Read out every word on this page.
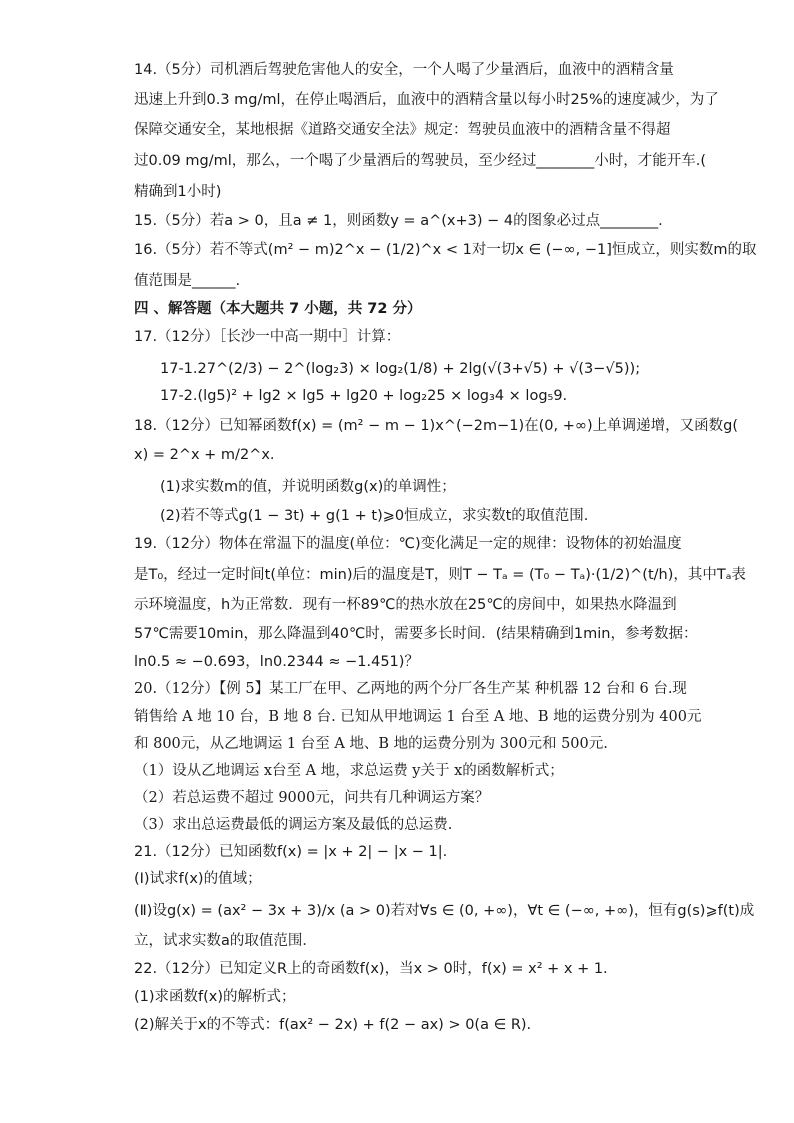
14.（5分）司机酒后驾驶危害他人的安全，一个人喝了少量酒后，血液中的酒精含量
迅速上升到0.3 mg/ml，在停止喝酒后，血液中的酒精含量以每小时25%的速度减少，为了
保障交通安全，某地根据《道路交通安全法》规定：驾驶员血液中的酒精含量不得超
过0.09 mg/ml，那么，一个喝了少量酒后的驾驶员，至少经过________小时，才能开车.(
精确到1小时)
15.（5分）若a > 0，且a ≠ 1，则函数y = a^(x+3) − 4的图象必过点________.
16.（5分）若不等式(m² − m)2^x − (1/2)^x < 1对一切x ∈ (−∞, −1]恒成立，则实数m的取
值范围是______.
四 、解答题（本大题共 7 小题，共 72 分）
17.（12分）［长沙一中高一期中］计算：
17-1.27^(2/3) − 2^(log₂3) × log₂(1/8) + 2lg(√(3+√5) + √(3−√5));
17-2.(lg5)² + lg2 × lg5 + lg20 + log₂25 × log₃4 × log₅9.
18.（12分）已知幂函数f(x) = (m² − m − 1)x^(−2m−1)在(0, +∞)上单调递增，又函数g(
x) = 2^x + m/2^x.
(1)求实数m的值，并说明函数g(x)的单调性；
(2)若不等式g(1 − 3t) + g(1 + t)⩾0恒成立，求实数t的取值范围.
19.（12分）物体在常温下的温度(单位：℃)变化满足一定的规律：设物体的初始温度
是T₀，经过一定时间t(单位：min)后的温度是T，则T − Tₐ = (T₀ − Tₐ)·(1/2)^(t/h)，其中Tₐ表
示环境温度，h为正常数．现有一杯89℃的热水放在25℃的房间中，如果热水降温到
57℃需要10min，那么降温到40℃时，需要多长时间．(结果精确到1min，参考数据：
ln0.5 ≈ −0.693，ln0.2344 ≈ −1.451)？
20.（12分）【例 5】某工厂在甲、乙两地的两个分厂各生产某 种机器 12 台和 6 台.现
销售给 A 地 10 台，B 地 8 台. 已知从甲地调运 1 台至 A 地、B 地的运费分别为 400元
和 800元，从乙地调运 1 台至 A 地、B 地的运费分别为 300元和 500元.
（1）设从乙地调运 x台至 A 地，求总运费 y关于 x的函数解析式；
（2）若总运费不超过 9000元，问共有几种调运方案？
（3）求出总运费最低的调运方案及最低的总运费.
21.（12分）已知函数f(x) = |x + 2| − |x − 1|.
(Ⅰ)试求f(x)的值域；
(Ⅱ)设g(x) = (ax² − 3x + 3)/x (a > 0)若对∀s ∈ (0, +∞)，∀t ∈ (−∞, +∞)，恒有g(s)⩾f(t)成
立，试求实数a的取值范围．
22.（12分）已知定义R上的奇函数f(x)，当x > 0时，f(x) = x² + x + 1.
(1)求函数f(x)的解析式；
(2)解关于x的不等式：f(ax² − 2x) + f(2 − ax) > 0(a ∈ R).
